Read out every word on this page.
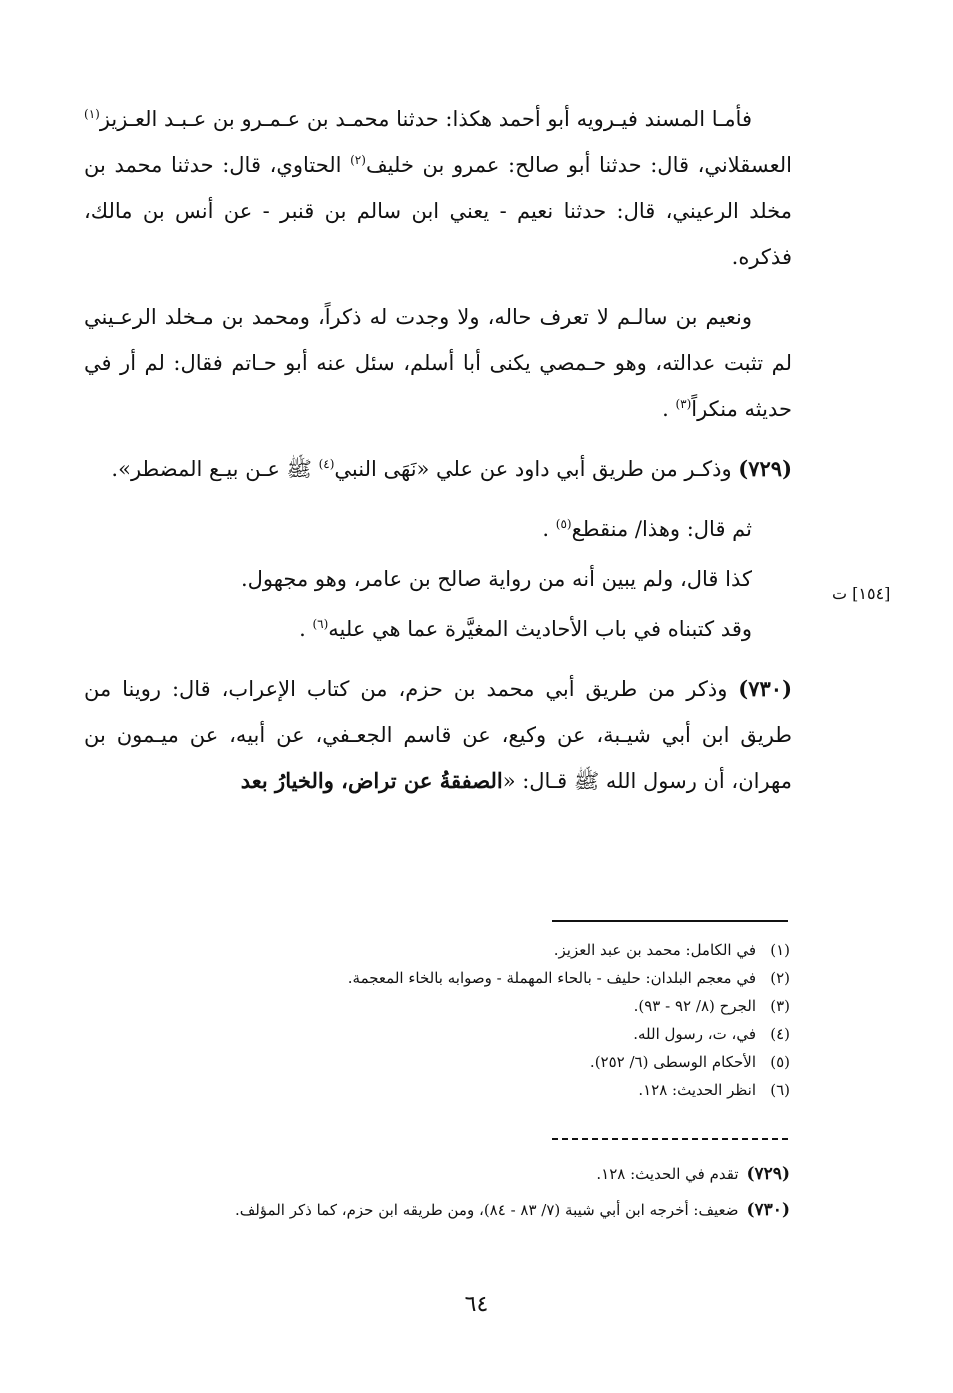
فأمـا المسند فيـرويه أبو أحمد هكذا: حدثنا محمـد بن عـمـرو بن عـبـد العـزيز$^{(١)}$ العسقلاني، قال: حدثنا أبو صالح: عمرو بن خليف$^{(٢)}$ الحتاوي، قال: حدثنا محمد بن مخلد الرعيني، قال: حدثنا نعيم - يعني ابن سالم بن قنبر - عن أنس بن مالك، فذكره.

ونعيم بن سالـم لا تعرف حاله، ولا وجدت له ذكراً، ومحمد بن مـخلد الرعـيني لم تثبت عدالته، وهو حـمصي يكنى أبا أسلم، سئل عنه أبو حـاتم فقال: لم أر في حديثه منكراً$^{(٣)}$ .

(٧٢٩) وذكـر من طريق أبي داود عن علي «نَهَى النبي$^{(٤)}$ ﷺ عـن بيـع المضطر».

ثم قال: وهذا/ منقطع$^{(٥)}$ .

كذا قال، ولم يبين أنه من رواية صالح بن عامر، وهو مجهول.

وقد كتبناه في باب الأحاديث المغيَّرة عما هي عليه$^{(٦)}$ .

(٧٣٠) وذكر من طريق أبي محمد بن حزم، من كتاب الإعراب، قال: روينا من طريق ابن أبي شيـبة، عن وكيع، عن قاسم الجعـفي، عن أبيه، عن ميـمون بن مهران، أن رسول الله ﷺ قـال: «الصفقةُ عن تراض، والخيارُ بعد

[١٥٤] ت
(١)في الكامل: محمد بن عبد العزيز.
(٢)في معجم البلدان: حليف - بالحاء المهملة - وصوابه بالخاء المعجمة.
(٣)الجرح (٨/ ٩٢ - ٩٣).
(٤)في، ت، رسول الله.
(٥)الأحكام الوسطى (٦/ ٢٥٢).
(٦)انظر الحديث: ١٢٨.
(٧٢٩)تقدم في الحديث: ١٢٨.
(٧٣٠)ضعيف: أخرجه ابن أبي شيبة (٧/ ٨٣ - ٨٤)، ومن طريقه ابن حزم، كما ذكر المؤلف.
٦٤
